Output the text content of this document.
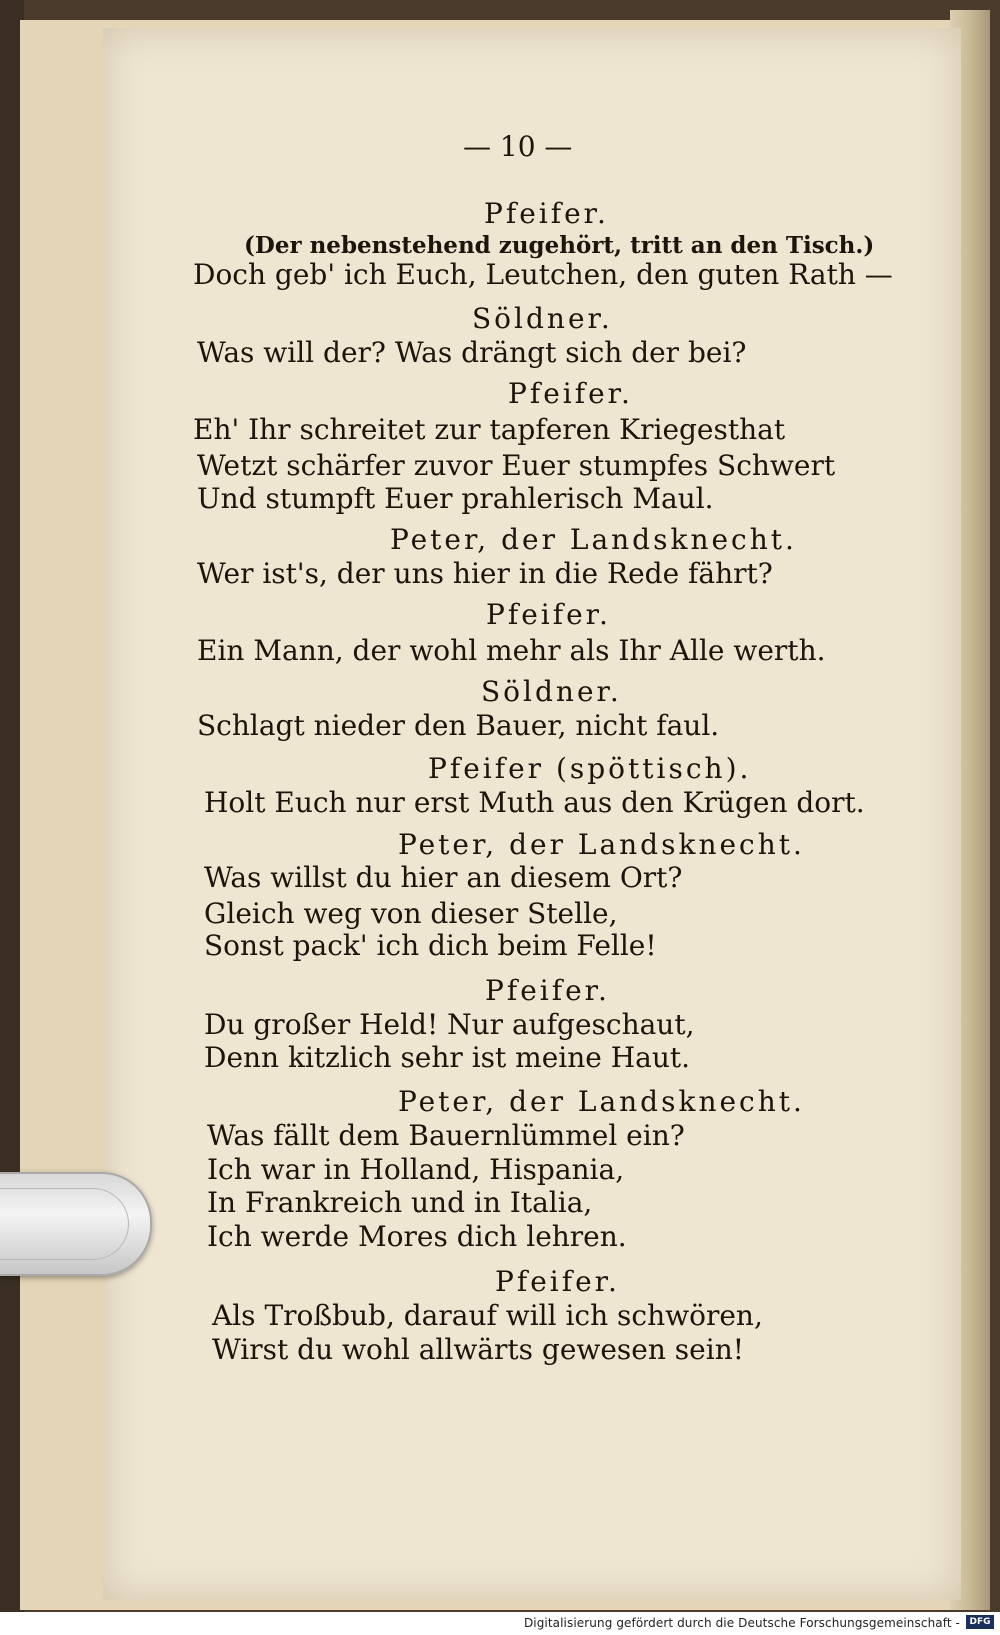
— 10 —
Pfeifer.
(Der nebenstehend zugehört, tritt an den Tisch.)
Doch geb' ich Euch, Leutchen, den guten Rath —
Söldner.
Was will der? Was drängt sich der bei?
Pfeifer.
Eh' Ihr schreitet zur tapferen Kriegesthat
Wetzt schärfer zuvor Euer stumpfes Schwert
Und stumpft Euer prahlerisch Maul.
Peter, der Landsknecht.
Wer ist's, der uns hier in die Rede fährt?
Pfeifer.
Ein Mann, der wohl mehr als Ihr Alle werth.
Söldner.
Schlagt nieder den Bauer, nicht faul.
Pfeifer (spöttisch).
Holt Euch nur erst Muth aus den Krügen dort.
Peter, der Landsknecht.
Was willst du hier an diesem Ort?
Gleich weg von dieser Stelle,
Sonst pack' ich dich beim Felle!
Pfeifer.
Du großer Held! Nur aufgeschaut,
Denn kitzlich sehr ist meine Haut.
Peter, der Landsknecht.
Was fällt dem Bauernlümmel ein?
Ich war in Holland, Hispania,
In Frankreich und in Italia,
Ich werde Mores dich lehren.
Pfeifer.
Als Troßbub, darauf will ich schwören,
Wirst du wohl allwärts gewesen sein!
Digitalisierung gefördert durch die Deutsche Forschungsgemeinschaft -	DFG
